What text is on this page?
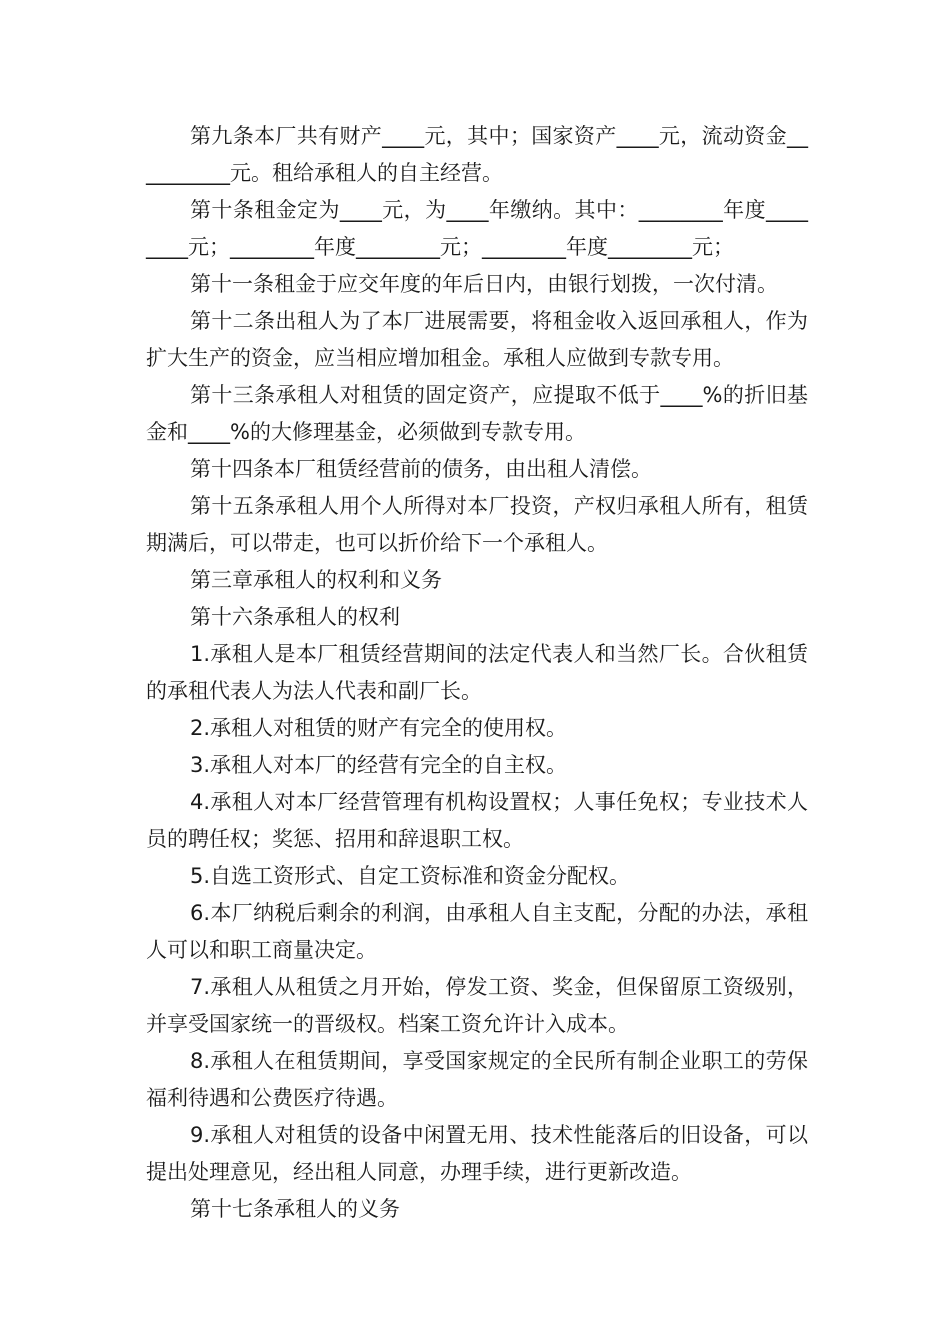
第九条本厂共有财产____元，其中；国家资产____元，流动资金__________元。租给承租人的自主经营。

第十条租金定为____元，为____年缴纳。其中：________年度________元；________年度________元；________年度________元；

第十一条租金于应交年度的年后日内，由银行划拨，一次付清。

第十二条出租人为了本厂进展需要，将租金收入返回承租人，作为扩大生产的资金，应当相应增加租金。承租人应做到专款专用。

第十三条承租人对租赁的固定资产，应提取不低于____%的折旧基金和____%的大修理基金，必须做到专款专用。

第十四条本厂租赁经营前的债务，由出租人清偿。

第十五条承租人用个人所得对本厂投资，产权归承租人所有，租赁期满后，可以带走，也可以折价给下一个承租人。

第三章承租人的权利和义务

第十六条承租人的权利

1.承租人是本厂租赁经营期间的法定代表人和当然厂长。合伙租赁的承租代表人为法人代表和副厂长。

2.承租人对租赁的财产有完全的使用权。

3.承租人对本厂的经营有完全的自主权。

4.承租人对本厂经营管理有机构设置权；人事任免权；专业技术人员的聘任权；奖惩、招用和辞退职工权。

5.自选工资形式、自定工资标准和资金分配权。

6.本厂纳税后剩余的利润，由承租人自主支配，分配的办法，承租人可以和职工商量决定。

7.承租人从租赁之月开始，停发工资、奖金，但保留原工资级别，并享受国家统一的晋级权。档案工资允许计入成本。

8.承租人在租赁期间，享受国家规定的全民所有制企业职工的劳保福利待遇和公费医疗待遇。

9.承租人对租赁的设备中闲置无用、技术性能落后的旧设备，可以提出处理意见，经出租人同意，办理手续，进行更新改造。

第十七条承租人的义务
